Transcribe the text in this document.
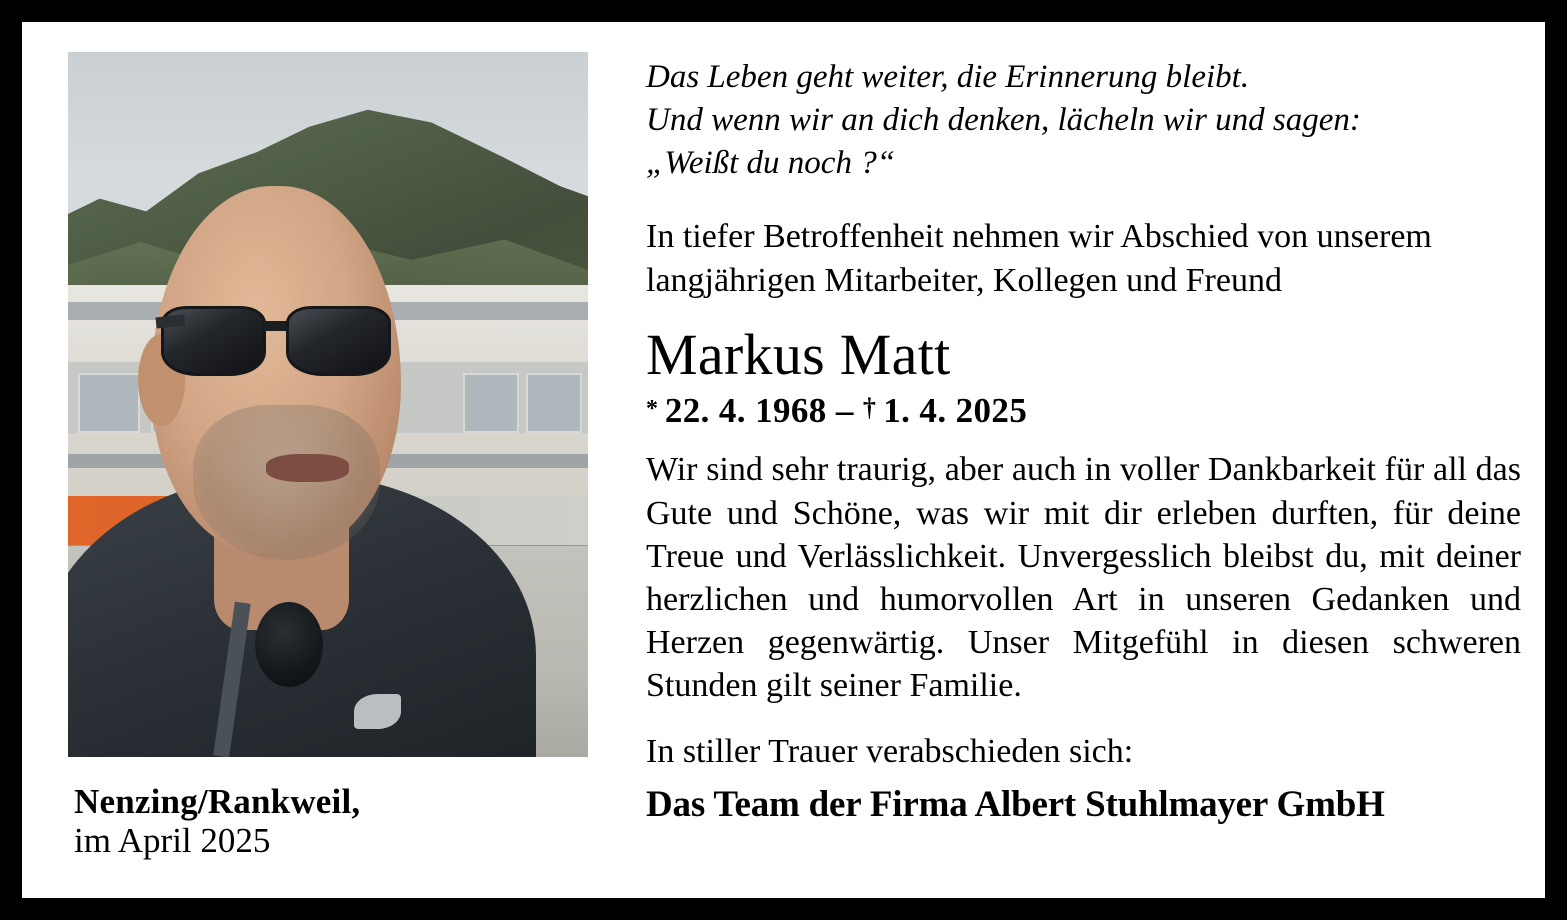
Nenzing/Rankweil,
im April 2025
Das Leben geht weiter, die Erinnerung bleibt.
Und wenn wir an dich denken, lächeln wir und sagen:
„Weißt du noch ?“
In tiefer Betroffenheit nehmen wir Abschied von unserem langjährigen Mitarbeiter, Kollegen und Freund
Markus Matt
* 22. 4. 1968 – † 1. 4. 2025
Wir sind sehr traurig, aber auch in voller Dankbarkeit für all das Gute und Schöne, was wir mit dir erleben durften, für deine Treue und Verlässlichkeit. Unvergesslich bleibst du, mit deiner herzlichen und humorvollen Art in unseren Gedanken und Herzen gegenwärtig. Unser Mitgefühl in diesen schweren Stunden gilt seiner Familie.
In stiller Trauer verabschieden sich:
Das Team der Firma Albert Stuhlmayer GmbH
